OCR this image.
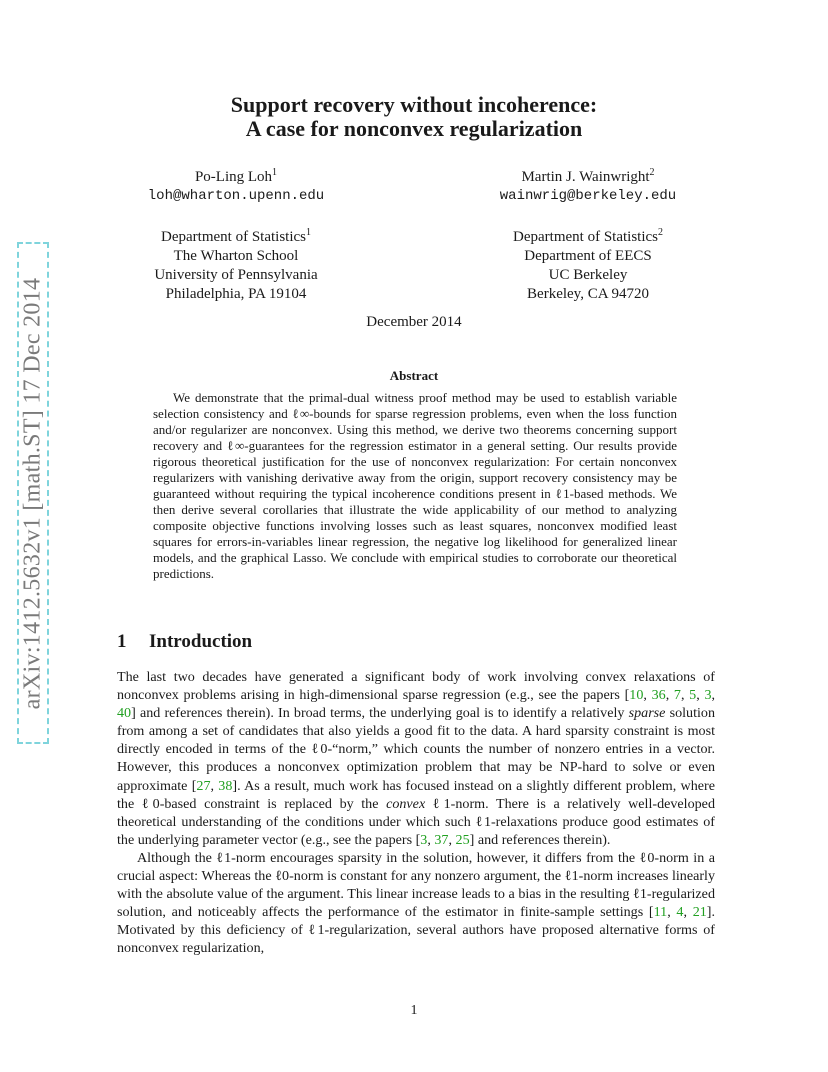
arXiv:1412.5632v1 [math.ST] 17 Dec 2014
Support recovery without incoherence:
A case for nonconvex regularization
Po-Ling Loh$^1$
loh@wharton.upenn.edu
Department of Statistics$^1$
The Wharton School
University of Pennsylvania
Philadelphia, PA 19104
Martin J. Wainwright$^2$
wainwrig@berkeley.edu
Department of Statistics$^2$
Department of EECS
UC Berkeley
Berkeley, CA 94720
December 2014
Abstract
We demonstrate that the primal-dual witness proof method may be used to establish variable selection consistency and ℓ∞-bounds for sparse regression problems, even when the loss function and/or regularizer are nonconvex. Using this method, we derive two theorems concerning support recovery and ℓ∞-guarantees for the regression estimator in a general setting. Our results provide rigorous theoretical justification for the use of nonconvex regularization: For certain nonconvex regularizers with vanishing derivative away from the origin, support recovery consistency may be guaranteed without requiring the typical incoherence conditions present in ℓ1-based methods. We then derive several corollaries that illustrate the wide applicability of our method to analyzing composite objective functions involving losses such as least squares, nonconvex modified least squares for errors-in-variables linear regression, the negative log likelihood for generalized linear models, and the graphical Lasso. We conclude with empirical studies to corroborate our theoretical predictions.
1 Introduction

The last two decades have generated a significant body of work involving convex relaxations of nonconvex problems arising in high-dimensional sparse regression (e.g., see the papers [10, 36, 7, 5, 3, 40] and references therein). In broad terms, the underlying goal is to identify a relatively sparse solution from among a set of candidates that also yields a good fit to the data. A hard sparsity constraint is most directly encoded in terms of the ℓ0-“norm,” which counts the number of nonzero entries in a vector. However, this produces a nonconvex optimization problem that may be NP-hard to solve or even approximate [27, 38]. As a result, much work has focused instead on a slightly different problem, where the ℓ0-based constraint is replaced by the convex ℓ1-norm. There is a relatively well-developed theoretical understanding of the conditions under which such ℓ1-relaxations produce good estimates of the underlying parameter vector (e.g., see the papers [3, 37, 25] and references therein).

Although the ℓ1-norm encourages sparsity in the solution, however, it differs from the ℓ0-norm in a crucial aspect: Whereas the ℓ0-norm is constant for any nonzero argument, the ℓ1-norm increases linearly with the absolute value of the argument. This linear increase leads to a bias in the resulting ℓ1-regularized solution, and noticeably affects the performance of the estimator in finite-sample settings [11, 4, 21]. Motivated by this deficiency of ℓ1-regularization, several authors have proposed alternative forms of nonconvex regularization,

1
